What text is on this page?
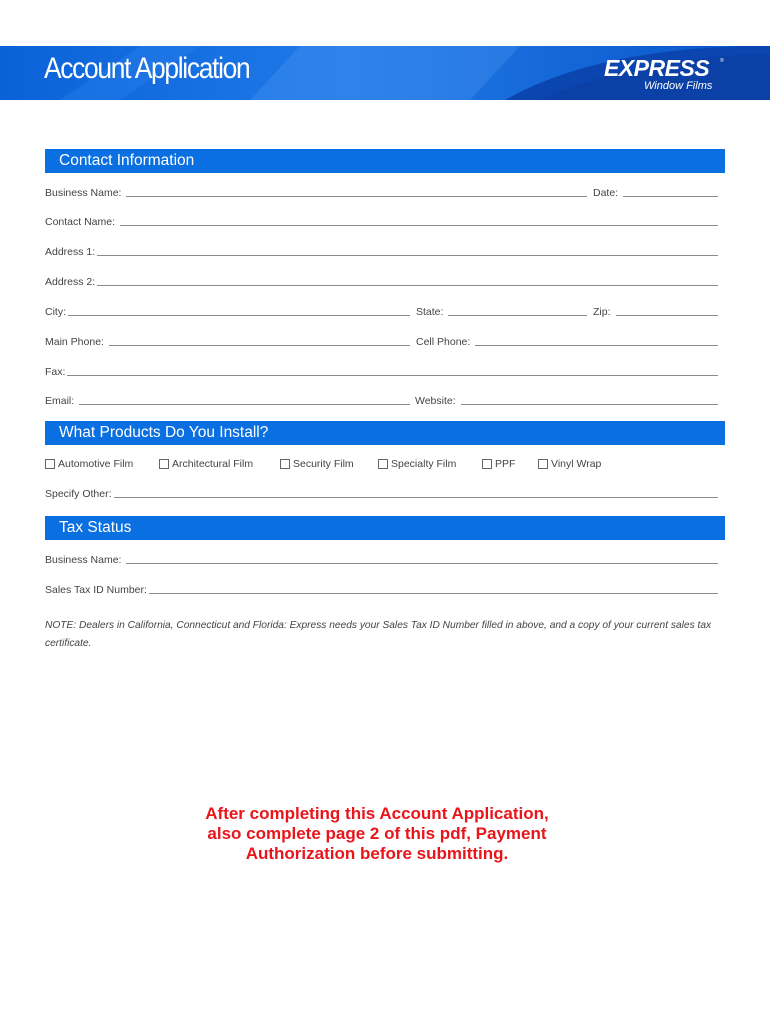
Account Application	EXPRESS ®
Window Films
Contact Information
Business Name:	Date:
Contact Name:
Address 1:
Address 2:
City:	State:	Zip:
Main Phone:	Cell Phone:
Fax:
Email:	Website:
What Products Do You Install?
Automotive Film	Architectural Film	Security Film	Specialty Film	PPF	Vinyl Wrap
Specify Other:
Tax Status
Business Name:
Sales Tax ID Number:
NOTE: Dealers in California, Connecticut and Florida: Express needs your Sales Tax ID Number filled in above, and a copy of your current sales tax certificate.
After completing this Account Application,
also complete page 2 of this pdf, Payment
Authorization before submitting.
